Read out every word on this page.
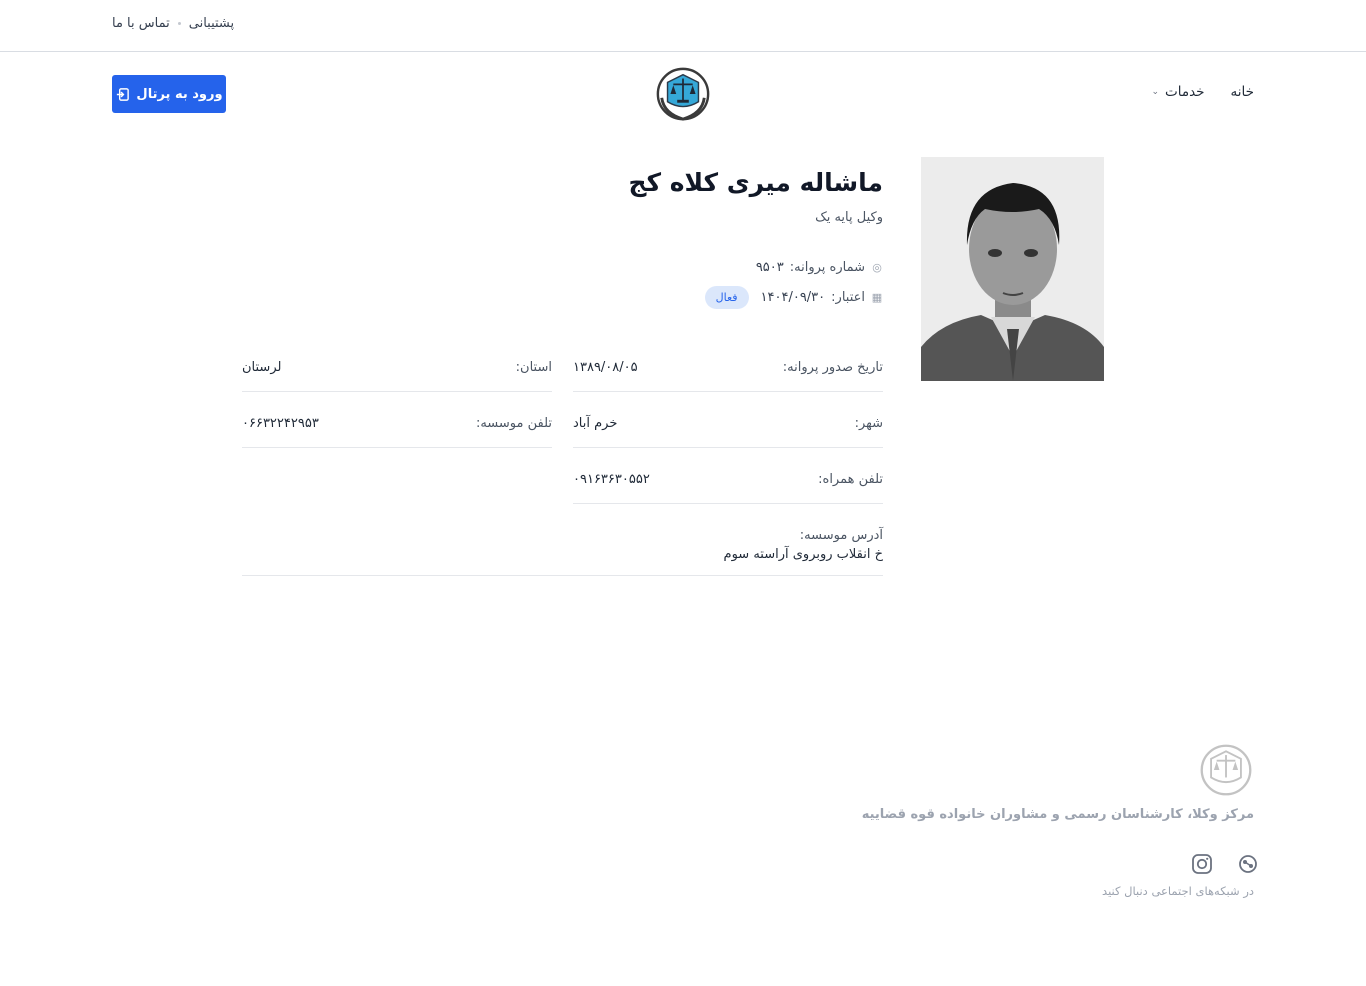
پشتیبانی
تماس با ما
خانه
خدمات
⌄
ورود به پرتال
ماشاله میری کلاه کج
وکیل پایه یک
◎
شماره پروانه:
۹۵۰۳
▦
اعتبار:
۱۴۰۴/۰۹/۳۰
فعال
تاریخ صدور پروانه:
۱۳۸۹/۰۸/۰۵
استان:
لرستان
شهر:
خرم آباد
تلفن موسسه:
۰۶۶۳۲۲۴۲۹۵۳
تلفن همراه:
۰۹۱۶۳۶۳۰۵۵۲
آدرس موسسه:
خ انقلاب روبروی آراسته سوم
مرکز وکلا، کارشناسان رسمی و مشاوران خانواده قوه قضاییه
در شبکه‌های اجتماعی دنبال کنید
